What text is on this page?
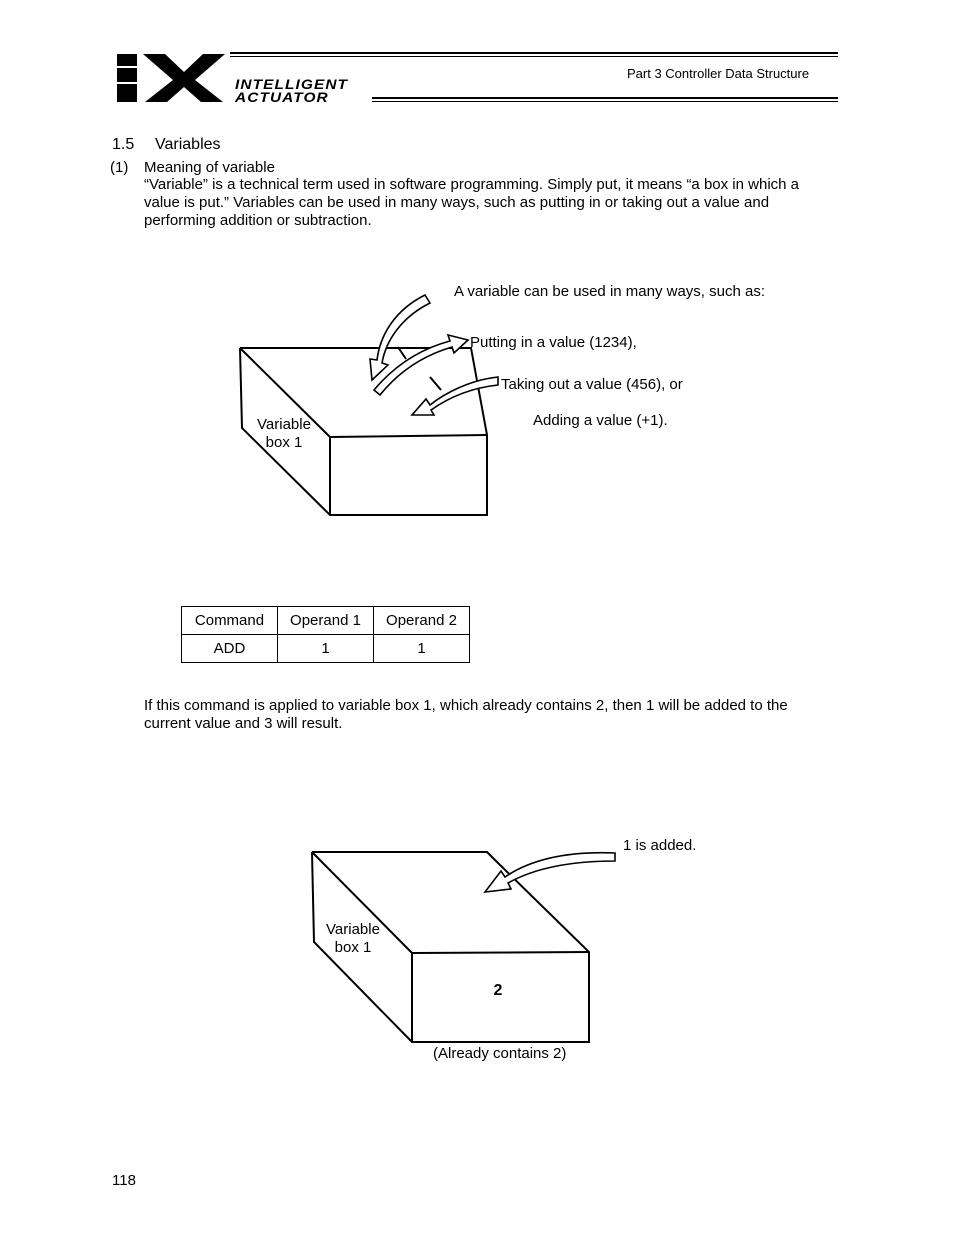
INTELLIGENT
ACTUATOR
Part 3 Controller Data Structure
1.5 Variables
(1) Meaning of variable
“Variable” is a technical term used in software programming. Simply put, it means “a box in which a value is put.” Variables can be used in many ways, such as putting in or taking out a value and performing addition or subtraction.
Variable
box 1
A variable can be used in many ways, such as:
Putting in a value (1234),
Taking out a value (456), or
Adding a value (+1).
Command	Operand 1	Operand 2
ADD	1	1
If this command is applied to variable box 1, which already contains 2, then 1 will be added to the current value and 3 will result.
Variable
box 1
2
1 is added.
(Already contains 2)
118
